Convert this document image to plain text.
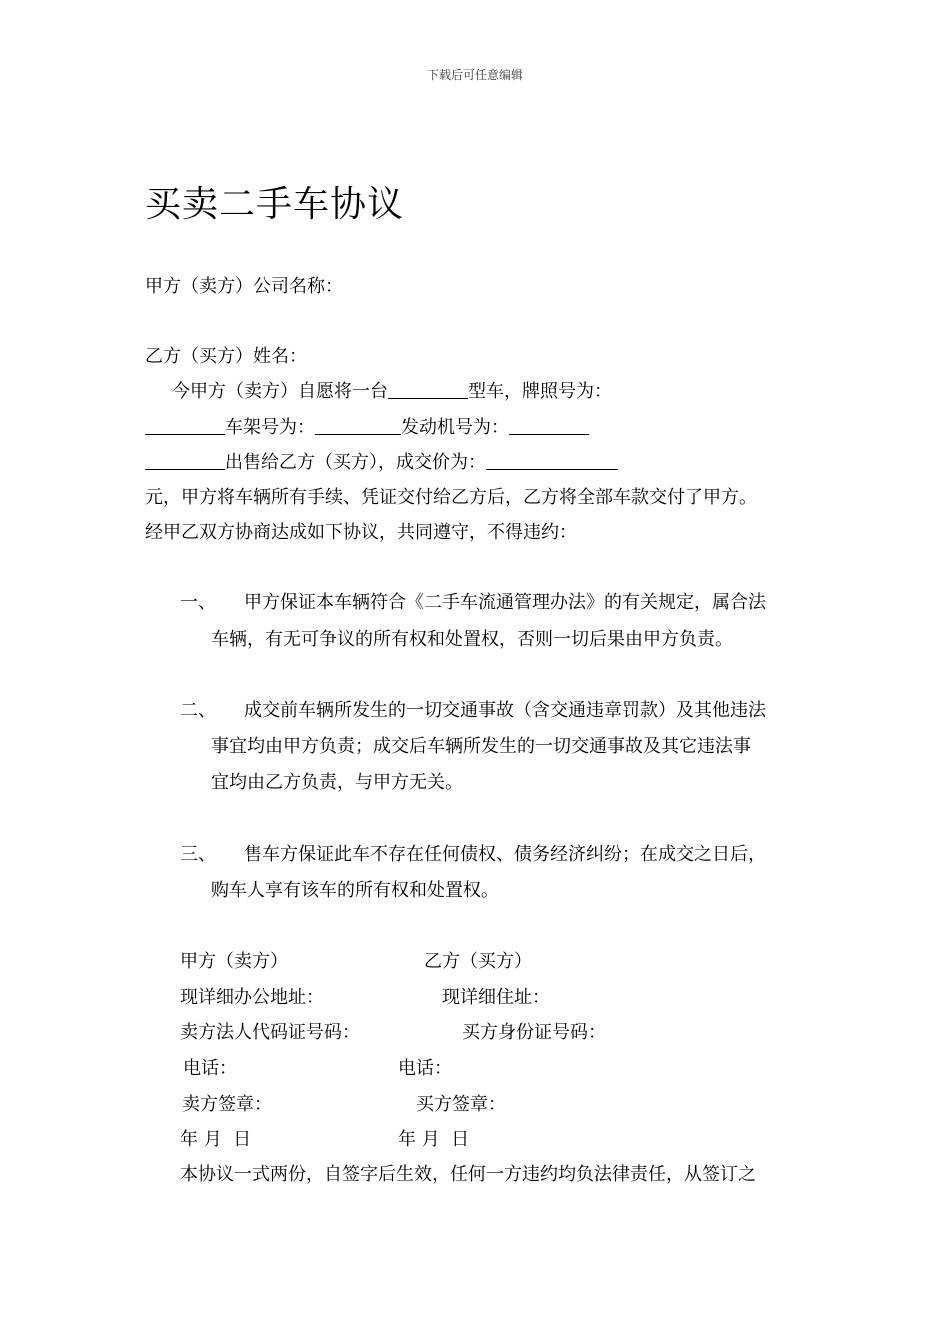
下载后可任意编辑
买卖二手车协议
甲方（卖方）公司名称：
乙方（买方）姓名：
今甲方（卖方）自愿将一台	型车，牌照号为：
车架号为：	发动机号为：
出售给乙方（买方），成交价为：
元，甲方将车辆所有手续、凭证交付给乙方后，乙方将全部车款交付了甲方。
经甲乙双方协商达成如下协议，共同遵守，不得违约：
一、 甲方保证本车辆符合《二手车流通管理办法》的有关规定，属合法
车辆，有无可争议的所有权和处置权，否则一切后果由甲方负责。
二、 成交前车辆所发生的一切交通事故（含交通违章罚款）及其他违法
事宜均由甲方负责；成交后车辆所发生的一切交通事故及其它违法事
宜均由乙方负责，与甲方无关。
三、 售车方保证此车不存在任何债权、债务经济纠纷；在成交之日后，
购车人享有该车的所有权和处置权。
甲方（卖方）	乙方（买方）
现详细办公地址：	现详细住址：
卖方法人代码证号码：	买方身份证号码：
电话：	电话：
卖方签章：	买方签章：
年 月  日	年 月  日
本协议一式两份，自签字后生效，任何一方违约均负法律责任，从签订之
